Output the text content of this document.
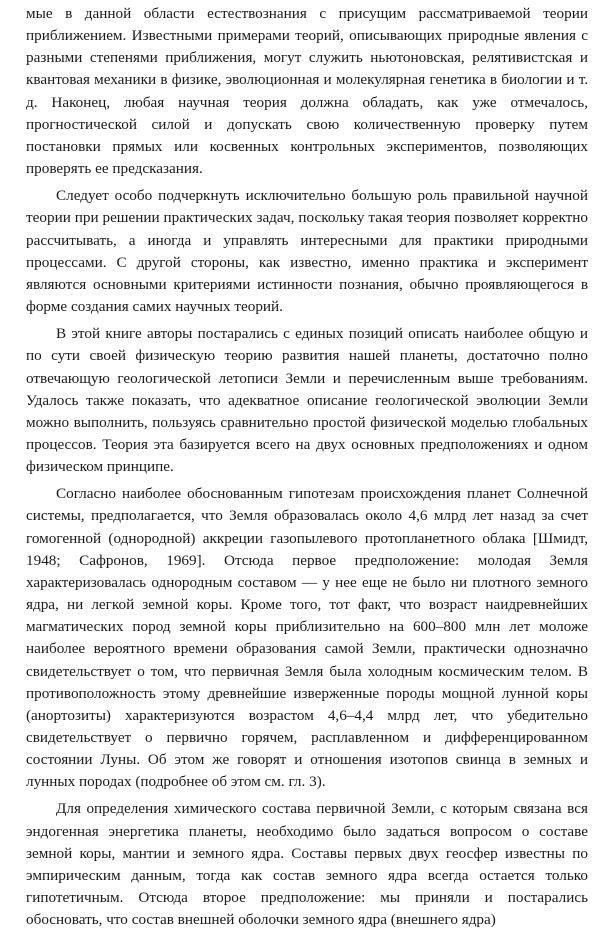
мые в данной области естествознания с присущим рассматриваемой теории приближением. Известными примерами теорий, описывающих природные явления с разными степенями приближения, могут служить ньютоновская, релятивистская и квантовая механики в физике, эволюционная и молекулярная генетика в биологии и т. д. Наконец, любая научная теория должна обладать, как уже отмечалось, прогностической силой и допускать свою количественную проверку путем постановки прямых или косвенных контрольных экспериментов, позволяющих проверять ее предсказания.

Следует особо подчеркнуть исключительно большую роль правильной научной теории при решении практических задач, поскольку такая теория позволяет корректно рассчитывать, а иногда и управлять интересными для практики природными процессами. С другой стороны, как известно, именно практика и эксперимент являются основными критериями истинности познания, обычно проявляющегося в форме создания самих научных теорий.

В этой книге авторы постарались с единых позиций описать наиболее общую и по сути своей физическую теорию развития нашей планеты, достаточно полно отвечающую геологической летописи Земли и перечисленным выше требованиям. Удалось также показать, что адекватное описание геологической эволюции Земли можно выполнить, пользуясь сравнительно простой физической моделью глобальных процессов. Теория эта базируется всего на двух основных предположениях и одном физическом принципе.

Согласно наиболее обоснованным гипотезам происхождения планет Солнечной системы, предполагается, что Земля образовалась около 4,6 млрд лет назад за счет гомогенной (однородной) аккреции газопылевого протопланетного облака [Шмидт, 1948; Сафронов, 1969]. Отсюда первое предположение: молодая Земля характеризовалась однородным составом — у нее еще не было ни плотного земного ядра, ни легкой земной коры. Кроме того, тот факт, что возраст наидревнейших магматических пород земной коры приблизительно на 600–800 млн лет моложе наиболее вероятного времени образования самой Земли, практически однозначно свидетельствует о том, что первичная Земля была холодным космическим телом. В противоположность этому древнейшие изверженные породы мощной лунной коры (анортозиты) характеризуются возрастом 4,6–4,4 млрд лет, что убедительно свидетельствует о первично горячем, расплавленном и дифференцированном состоянии Луны. Об этом же говорят и отношения изотопов свинца в земных и лунных породах (подробнее об этом см. гл. 3).

Для определения химического состава первичной Земли, с которым связана вся эндогенная энергетика планеты, необходимо было задаться вопросом о составе земной коры, мантии и земного ядра. Составы первых двух геосфер известны по эмпирическим данным, тогда как состав земного ядра всегда остается только гипотетичным. Отсюда второе предположение: мы приняли и постарались обосновать, что состав внешней оболочки земного ядра (внешнего ядра)
